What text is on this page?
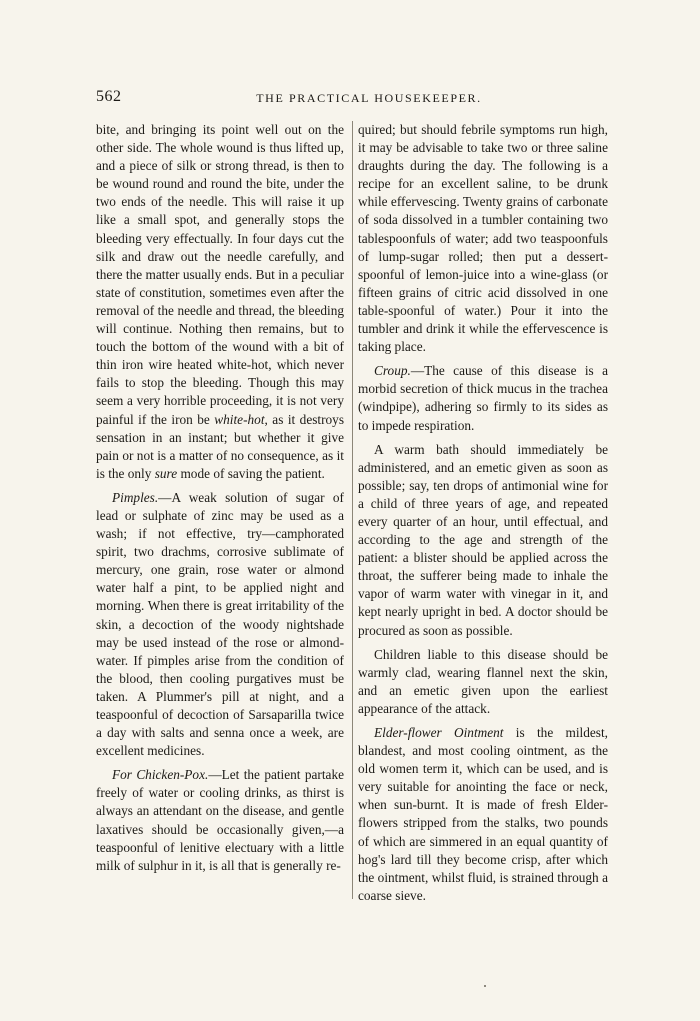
562	THE PRACTICAL HOUSEKEEPER.

bite, and bringing its point well out on the other side. The whole wound is thus lifted up, and a piece of silk or strong thread, is then to be wound round and round the bite, under the two ends of the needle. This will raise it up like a small spot, and generally stops the bleeding very effectually. In four days cut the silk and draw out the needle carefully, and there the matter usually ends. But in a peculiar state of constitution, sometimes even after the removal of the needle and thread, the bleeding will continue. Nothing then remains, but to touch the bottom of the wound with a bit of thin iron wire heated white-hot, which never fails to stop the bleeding. Though this may seem a very horrible proceeding, it is not very painful if the iron be white-hot, as it destroys sensation in an instant; but whether it give pain or not is a matter of no consequence, as it is the only sure mode of saving the patient.

Pimples.—A weak solution of sugar of lead or sulphate of zinc may be used as a wash; if not effective, try—camphorated spirit, two drachms, corrosive sublimate of mercury, one grain, rose water or almond water half a pint, to be applied night and morning. When there is great irritability of the skin, a decoction of the woody nightshade may be used instead of the rose or almond-water. If pimples arise from the condition of the blood, then cooling purgatives must be taken. A Plummer's pill at night, and a teaspoonful of decoction of Sarsaparilla twice a day with salts and senna once a week, are excellent medicines.

For Chicken-Pox.—Let the patient partake freely of water or cooling drinks, as thirst is always an attendant on the disease, and gentle laxatives should be occasionally given,—a teaspoonful of lenitive electuary with a little milk of sulphur in it, is all that is generally re-

quired; but should febrile symptoms run high, it may be advisable to take two or three saline draughts during the day. The following is a recipe for an excellent saline, to be drunk while effervescing. Twenty grains of carbonate of soda dissolved in a tumbler containing two tablespoonfuls of water; add two teaspoonfuls of lump-sugar rolled; then put a dessert-spoonful of lemon-juice into a wine-glass (or fifteen grains of citric acid dissolved in one table-spoonful of water.) Pour it into the tumbler and drink it while the effervescence is taking place.

Croup.—The cause of this disease is a morbid secretion of thick mucus in the trachea (windpipe), adhering so firmly to its sides as to impede respiration.

A warm bath should immediately be administered, and an emetic given as soon as possible; say, ten drops of antimonial wine for a child of three years of age, and repeated every quarter of an hour, until effectual, and according to the age and strength of the patient: a blister should be applied across the throat, the sufferer being made to inhale the vapor of warm water with vinegar in it, and kept nearly upright in bed. A doctor should be procured as soon as possible.

Children liable to this disease should be warmly clad, wearing flannel next the skin, and an emetic given upon the earliest appearance of the attack.

Elder-flower Ointment is the mildest, blandest, and most cooling ointment, as the old women term it, which can be used, and is very suitable for anointing the face or neck, when sun-burnt. It is made of fresh Elder-flowers stripped from the stalks, two pounds of which are simmered in an equal quantity of hog's lard till they become crisp, after which the ointment, whilst fluid, is strained through a coarse sieve.
